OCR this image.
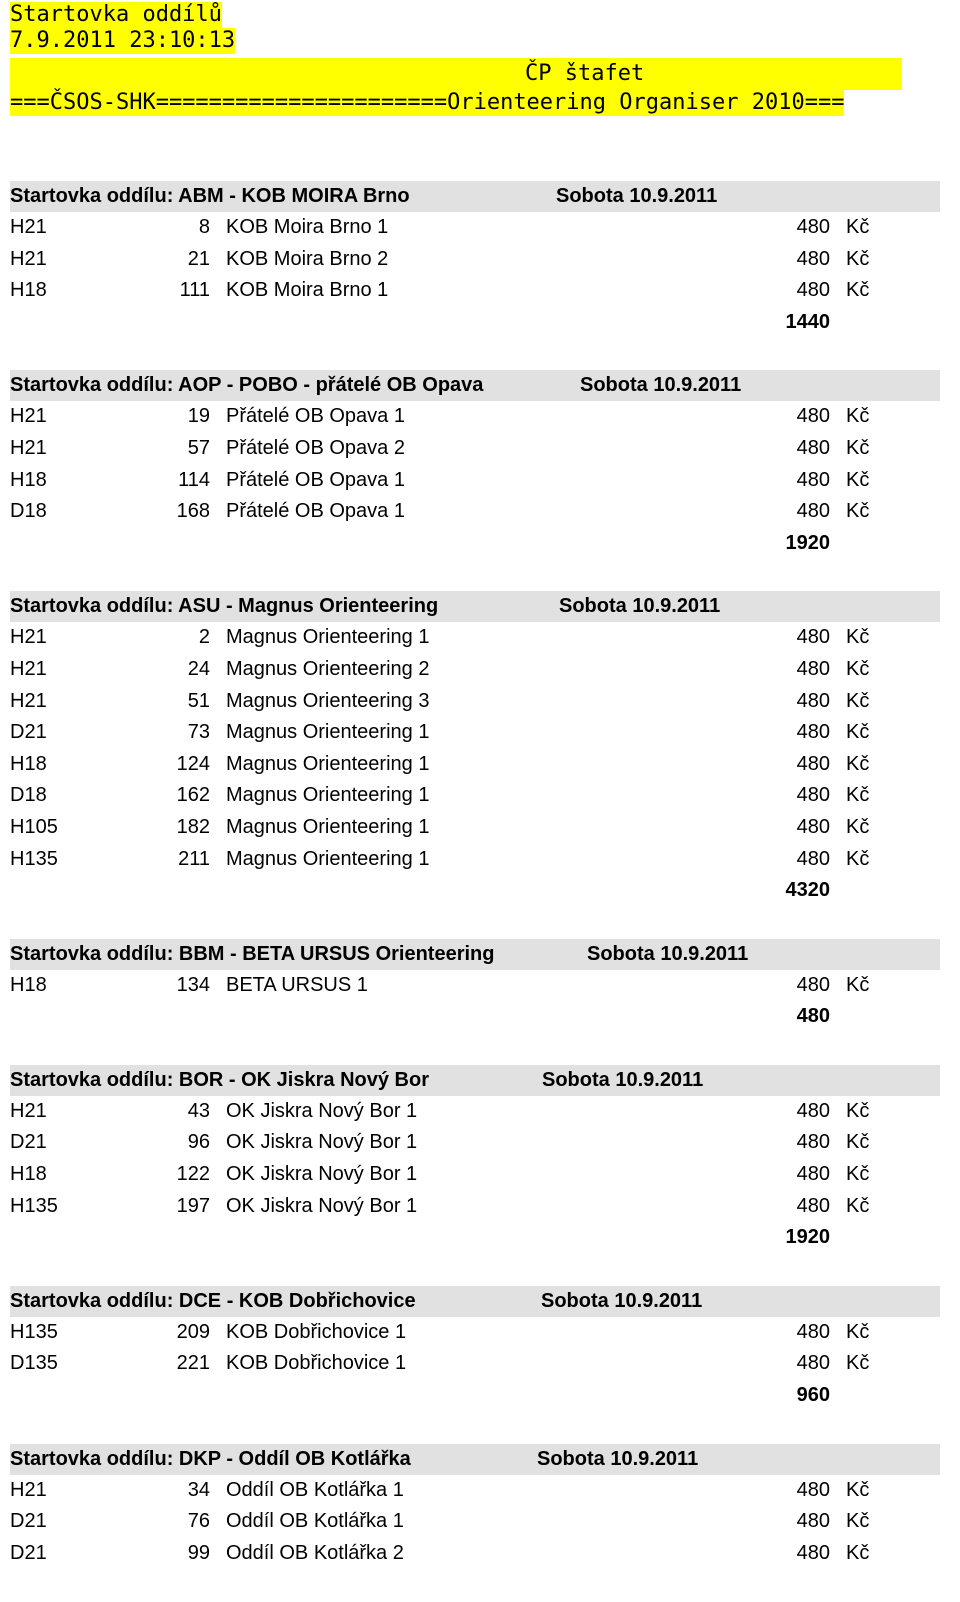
Startovka oddílů
7.9.2011 23:10:13
ČP štafet
===ČSOS-SHK======================Orienteering Organiser 2010===
Startovka oddílu: ABM - KOB MOIRA Brno	Sobota 10.9.2011
H21	8 KOB Moira Brno 1	480 Kč
H21	21 KOB Moira Brno 2	480 Kč
H18	111 KOB Moira Brno 1	480 Kč
1440
Startovka oddílu: AOP - POBO - přátelé OB Opava	Sobota 10.9.2011
H21	19 Přátelé OB Opava 1	480 Kč
H21	57 Přátelé OB Opava 2	480 Kč
H18	114 Přátelé OB Opava 1	480 Kč
D18	168 Přátelé OB Opava 1	480 Kč
1920
Startovka oddílu: ASU - Magnus Orienteering	Sobota 10.9.2011
H21	2 Magnus Orienteering 1	480 Kč
H21	24 Magnus Orienteering 2	480 Kč
H21	51 Magnus Orienteering 3	480 Kč
D21	73 Magnus Orienteering 1	480 Kč
H18	124 Magnus Orienteering 1	480 Kč
D18	162 Magnus Orienteering 1	480 Kč
H105	182 Magnus Orienteering 1	480 Kč
H135	211 Magnus Orienteering 1	480 Kč
4320
Startovka oddílu: BBM - BETA URSUS Orienteering	Sobota 10.9.2011
H18	134 BETA URSUS 1	480 Kč
480
Startovka oddílu: BOR - OK Jiskra Nový Bor	Sobota 10.9.2011
H21	43 OK Jiskra Nový Bor 1	480 Kč
D21	96 OK Jiskra Nový Bor 1	480 Kč
H18	122 OK Jiskra Nový Bor 1	480 Kč
H135	197 OK Jiskra Nový Bor 1	480 Kč
1920
Startovka oddílu: DCE - KOB Dobřichovice	Sobota 10.9.2011
H135	209 KOB Dobřichovice 1	480 Kč
D135	221 KOB Dobřichovice 1	480 Kč
960
Startovka oddílu: DKP - Oddíl OB Kotlářka	Sobota 10.9.2011
H21	34 Oddíl OB Kotlářka 1	480 Kč
D21	76 Oddíl OB Kotlářka 1	480 Kč
D21	99 Oddíl OB Kotlářka 2	480 Kč
